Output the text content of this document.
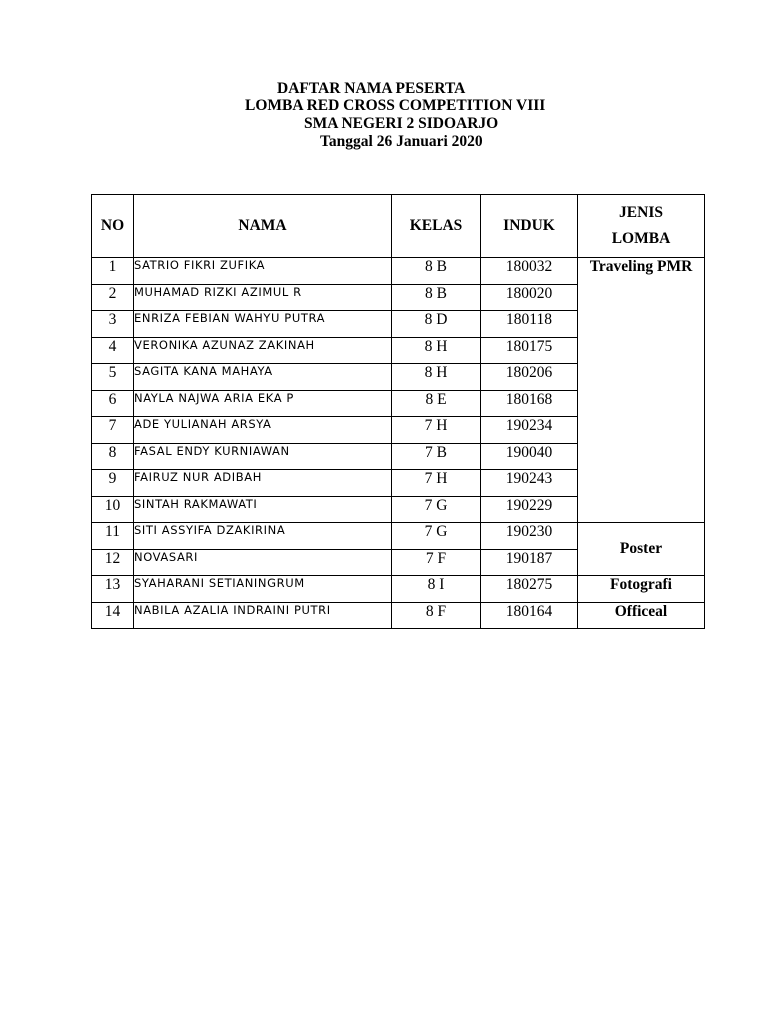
DAFTAR NAMA PESERTA
LOMBA RED CROSS COMPETITION VIII
SMA NEGERI 2 SIDOARJO
Tanggal 26 Januari 2020
NO	NAMA	KELAS	INDUK	JENIS
LOMBA
1	SATRIO FIKRI ZUFIKA	8 B	180032	Traveling PMR
2	MUHAMAD RIZKI AZIMUL R	8 B	180020	
3	ENRIZA FEBIAN WAHYU PUTRA	8 D	180118	
4	VERONIKA AZUNAZ ZAKINAH	8 H	180175	
5	SAGITA KANA MAHAYA	8 H	180206	
6	NAYLA NAJWA ARIA EKA P	8 E	180168	
7	ADE YULIANAH ARSYA	7 H	190234	
8	FASAL ENDY KURNIAWAN	7 B	190040	
9	FAIRUZ NUR ADIBAH	7 H	190243	
10	SINTAH RAKMAWATI	7 G	190229	
11	SITI ASSYIFA DZAKIRINA	7 G	190230	Poster
12	NOVASARI	7 F	190187	
13	SYAHARANI SETIANINGRUM	8 I	180275	Fotografi
14	NABILA AZALIA INDRAINI PUTRI	8 F	180164	Officeal
